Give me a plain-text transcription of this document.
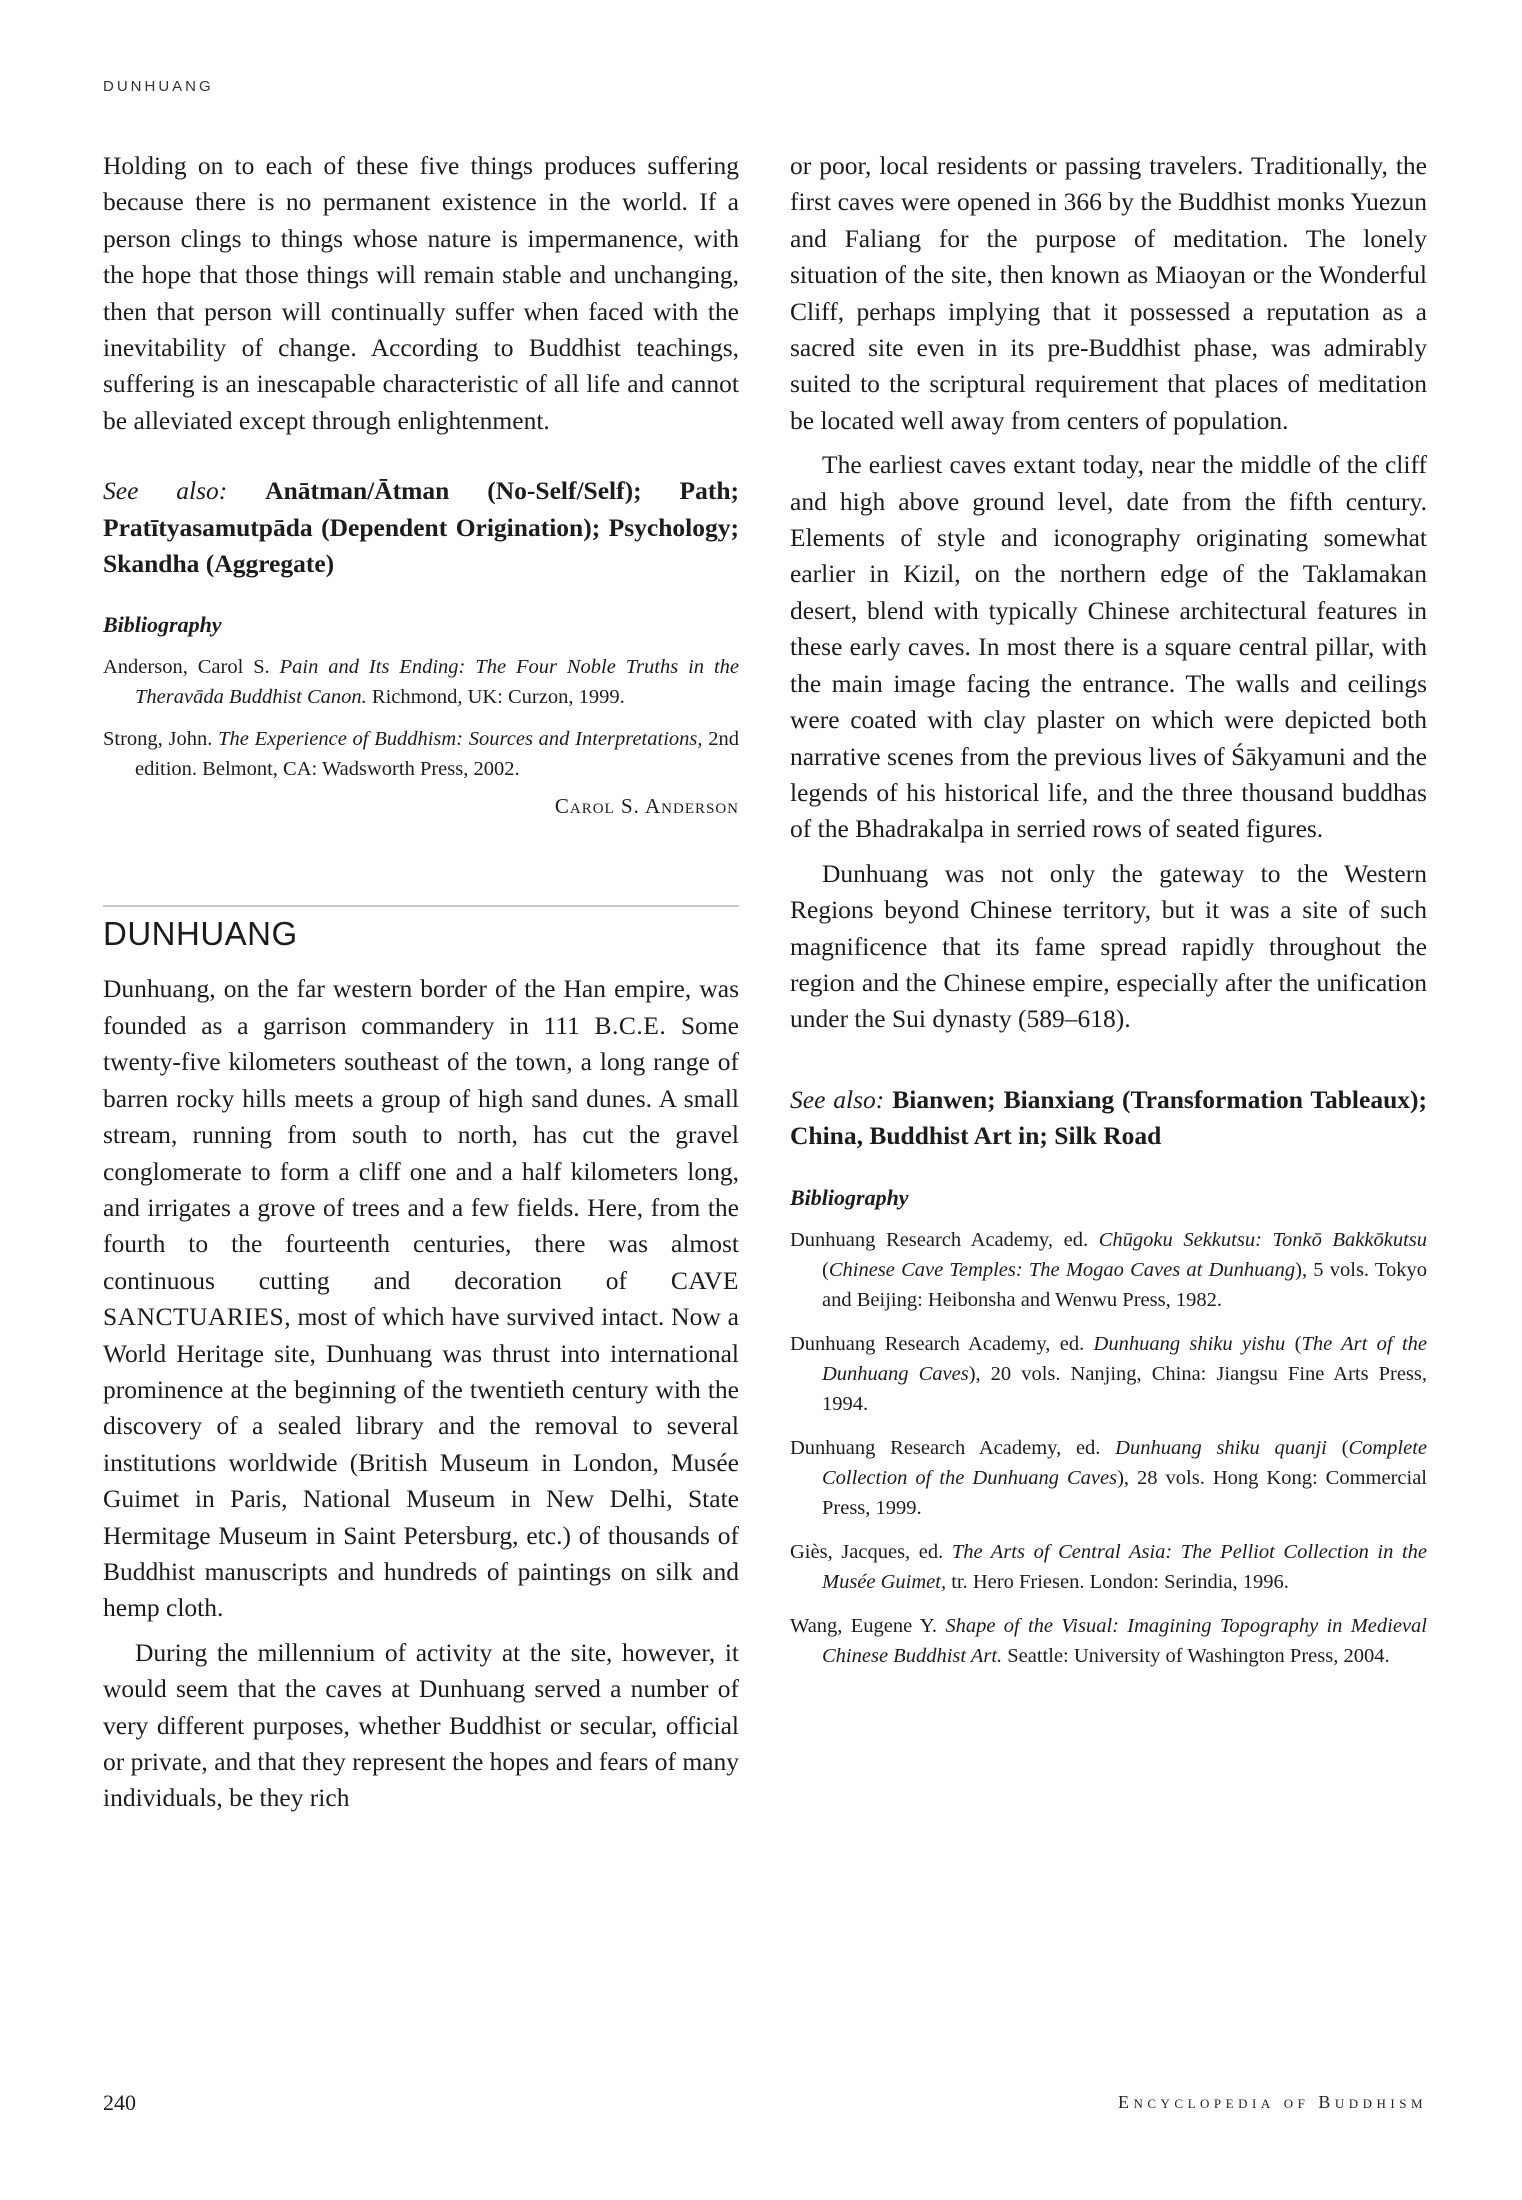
DUNHUANG

Holding on to each of these five things produces suffering because there is no permanent existence in the world. If a person clings to things whose nature is impermanence, with the hope that those things will remain stable and unchanging, then that person will continually suffer when faced with the inevitability of change. According to Buddhist teachings, suffering is an inescapable characteristic of all life and cannot be alleviated except through enlightenment.

See also: Anātman/Ātman (No-Self/Self); Path; Pratītyasamutpāda (Dependent Origination); Psychology; Skandha (Aggregate)

Bibliography

Anderson, Carol S. Pain and Its Ending: The Four Noble Truths in the Theravāda Buddhist Canon. Richmond, UK: Curzon, 1999.

Strong, John. The Experience of Buddhism: Sources and Interpretations, 2nd edition. Belmont, CA: Wadsworth Press, 2002.

Carol S. Anderson

DUNHUANG

Dunhuang, on the far western border of the Han empire, was founded as a garrison commandery in 111 B.C.E. Some twenty-five kilometers southeast of the town, a long range of barren rocky hills meets a group of high sand dunes. A small stream, running from south to north, has cut the gravel conglomerate to form a cliff one and a half kilometers long, and irrigates a grove of trees and a few fields. Here, from the fourth to the fourteenth centuries, there was almost continuous cutting and decoration of CAVE SANCTUARIES, most of which have survived intact. Now a World Heritage site, Dunhuang was thrust into international prominence at the beginning of the twentieth century with the discovery of a sealed library and the removal to several institutions worldwide (British Museum in London, Musée Guimet in Paris, National Museum in New Delhi, State Hermitage Museum in Saint Petersburg, etc.) of thousands of Buddhist manuscripts and hundreds of paintings on silk and hemp cloth.

During the millennium of activity at the site, however, it would seem that the caves at Dunhuang served a number of very different purposes, whether Buddhist or secular, official or private, and that they represent the hopes and fears of many individuals, be they rich

or poor, local residents or passing travelers. Traditionally, the first caves were opened in 366 by the Buddhist monks Yuezun and Faliang for the purpose of meditation. The lonely situation of the site, then known as Miaoyan or the Wonderful Cliff, perhaps implying that it possessed a reputation as a sacred site even in its pre-Buddhist phase, was admirably suited to the scriptural requirement that places of meditation be located well away from centers of population.

The earliest caves extant today, near the middle of the cliff and high above ground level, date from the fifth century. Elements of style and iconography originating somewhat earlier in Kizil, on the northern edge of the Taklamakan desert, blend with typically Chinese architectural features in these early caves. In most there is a square central pillar, with the main image facing the entrance. The walls and ceilings were coated with clay plaster on which were depicted both narrative scenes from the previous lives of Śākyamuni and the legends of his historical life, and the three thousand buddhas of the Bhadrakalpa in serried rows of seated figures.

Dunhuang was not only the gateway to the Western Regions beyond Chinese territory, but it was a site of such magnificence that its fame spread rapidly throughout the region and the Chinese empire, especially after the unification under the Sui dynasty (589–618).

See also: Bianwen; Bianxiang (Transformation Tableaux); China, Buddhist Art in; Silk Road

Bibliography

Dunhuang Research Academy, ed. Chūgoku Sekkutsu: Tonkō Bakkōkutsu (Chinese Cave Temples: The Mogao Caves at Dunhuang), 5 vols. Tokyo and Beijing: Heibonsha and Wenwu Press, 1982.

Dunhuang Research Academy, ed. Dunhuang shiku yishu (The Art of the Dunhuang Caves), 20 vols. Nanjing, China: Jiangsu Fine Arts Press, 1994.

Dunhuang Research Academy, ed. Dunhuang shiku quanji (Complete Collection of the Dunhuang Caves), 28 vols. Hong Kong: Commercial Press, 1999.

Giès, Jacques, ed. The Arts of Central Asia: The Pelliot Collection in the Musée Guimet, tr. Hero Friesen. London: Serindia, 1996.

Wang, Eugene Y. Shape of the Visual: Imagining Topography in Medieval Chinese Buddhist Art. Seattle: University of Washington Press, 2004.

240	Encyclopedia of Buddhism
